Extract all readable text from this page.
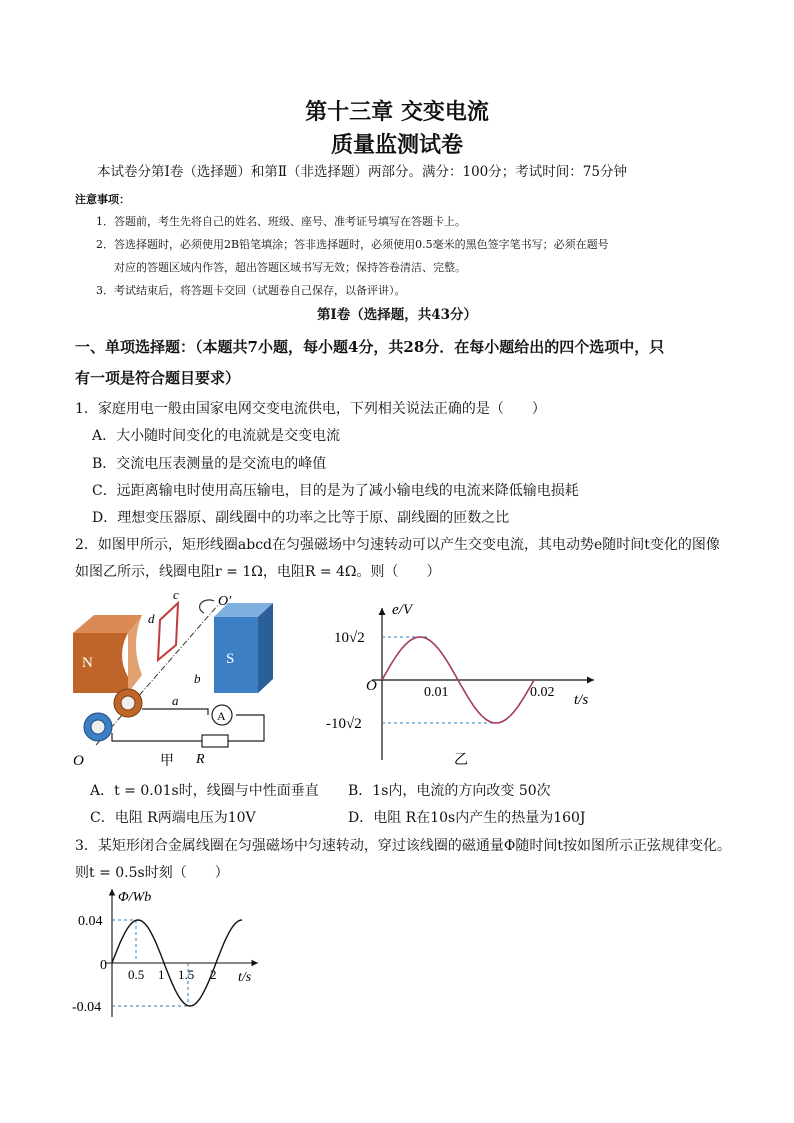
第十三章 交变电流
质量监测试卷
本试卷分第Ⅰ卷（选择题）和第Ⅱ（非选择题）两部分。满分：100分；考试时间：75分钟
注意事项：
1．答题前，考生先将自己的姓名、班级、座号、准考证号填写在答题卡上。
2．答选择题时，必须使用2B铅笔填涂；答非选择题时，必须使用0.5毫米的黑色签字笔书写；必须在题号
对应的答题区域内作答，超出答题区域书写无效；保持答卷清洁、完整。
3．考试结束后，将答题卡交回（试题卷自己保存，以备评讲）。
第Ⅰ卷（选择题，共43分）
一、单项选择题：（本题共7小题，每小题4分，共28分．在每小题给出的四个选项中，只
有一项是符合题目要求）
1．家庭用电一般由国家电网交变电流供电，下列相关说法正确的是（　　）
A．大小随时间变化的电流就是交变电流
B．交流电压表测量的是交流电的峰值
C．远距离输电时使用高压输电，目的是为了减小输电线的电流来降低输电损耗
D．理想变压器原、副线圈中的功率之比等于原、副线圈的匝数之比
2．如图甲所示，矩形线圈abcd在匀强磁场中匀速转动可以产生交变电流，其电动势e随时间t变化的图像
如图乙所示，线圈电阻r = 1Ω，电阻R = 4Ω。则（　　）
N	S
O′
c
d
b
a
A
R
O	甲
e/V
t/s
O
10√2
-10√2
0.01	0.02
乙
A．t = 0.01s时，线圈与中性面垂直 B．1s内，电流的方向改变 50次
C．电阻 R两端电压为10V	D．电阻 R在10s内产生的热量为160J
3．某矩形闭合金属线圈在匀强磁场中匀速转动，穿过该线圈的磁通量Φ随时间t按如图所示正弦规律变化。
则t = 0.5s时刻（　　）
Φ/Wb
t/s
0
0.04
-0.04
0.5 1 1.5 2
